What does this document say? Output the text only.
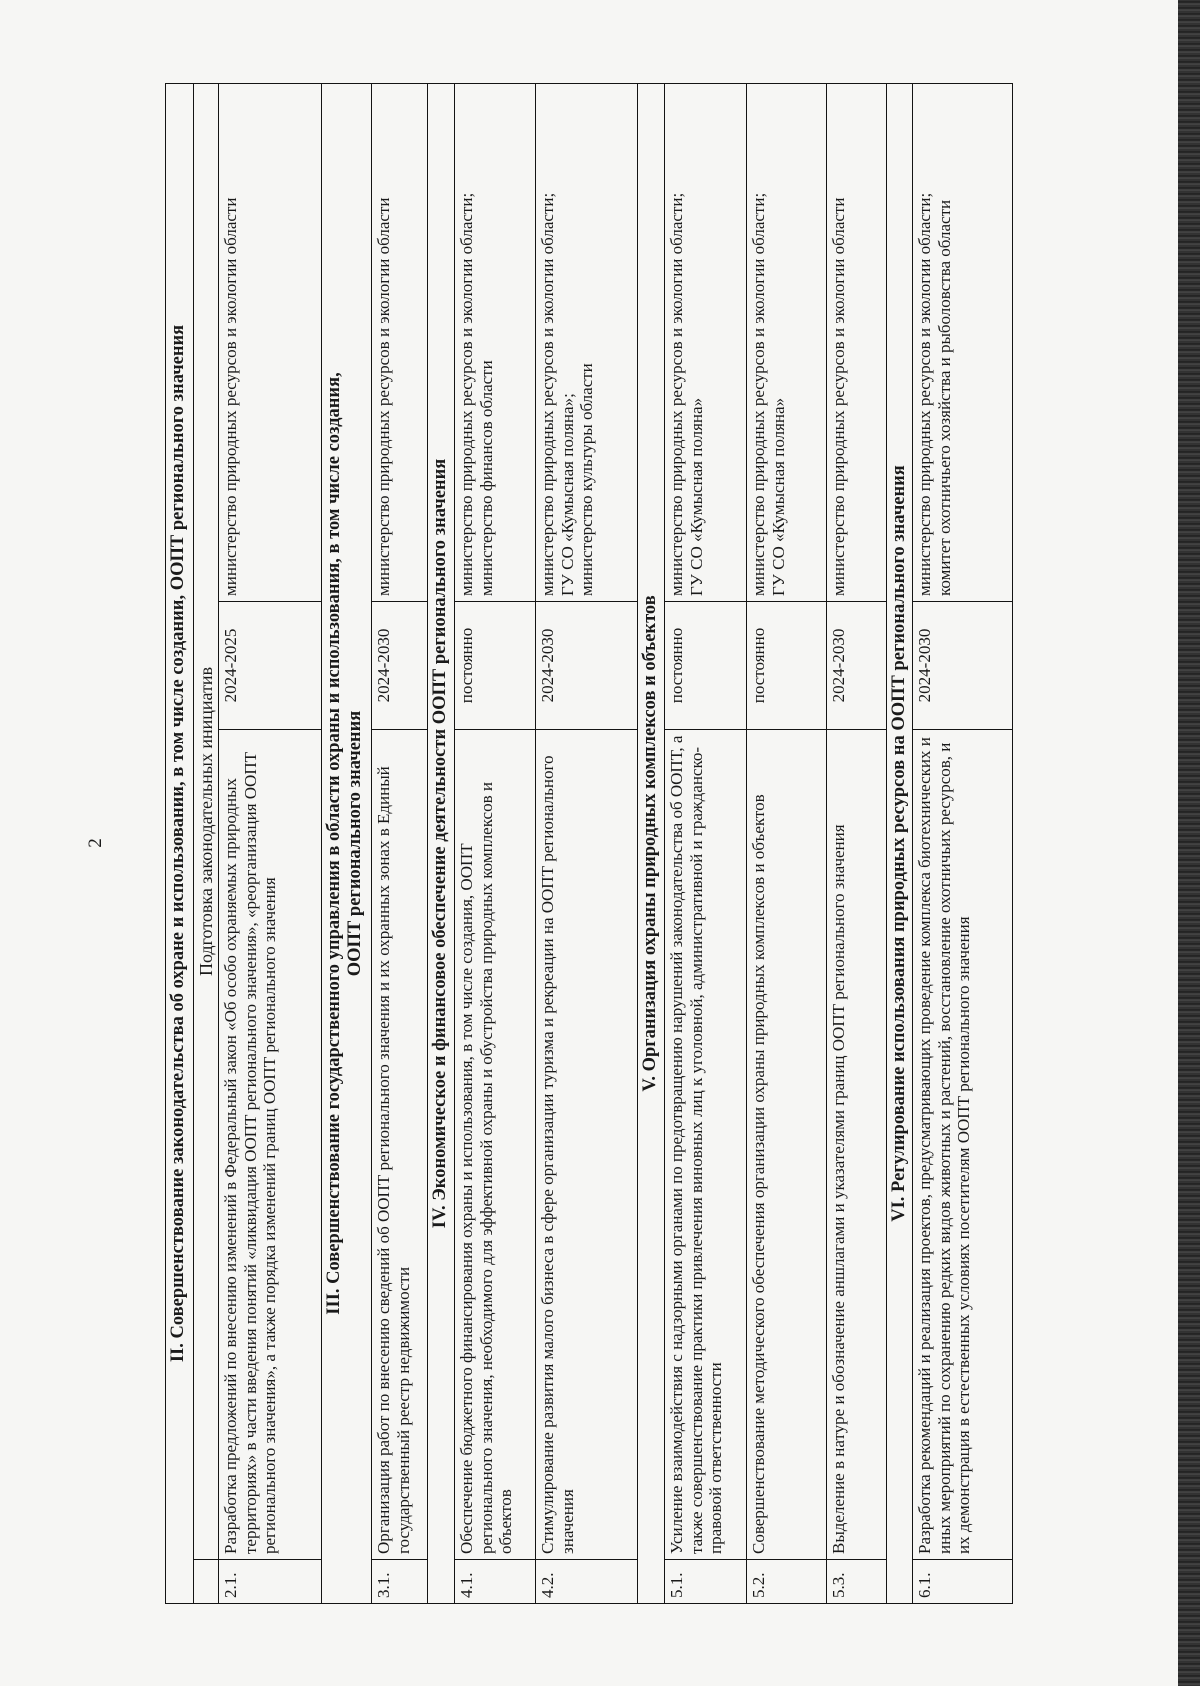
2	II. Совершенствование законодательства об охране и использовании, в том числе создании, ООПТ регионального значения			
	Подготовка законодательных инициатив		
2.1.	Разработка предложений по внесению изменений в Федеральный закон «Об особо охраняемых природных территориях» в части введения понятий «ликвидация ООПТ регионального значения», «реорганизация ООПТ регионального значения», а также порядка изменений границ ООПТ регионального значения	2024-2025	министерство природных ресурсов и экологии области

III. Совершенствование государственного управления в области охраны и использования, в том числе создания, ООПТ регионального значения			

3.1.	Организация работ по внесению сведений об ООПТ регионального значения и их охранных зонах в Единый государственный реестр недвижимости	2024-2030	министерство природных ресурсов и экологии области

IV. Экономическое и финансовое обеспечение деятельности ООПТ регионального значения			
4.1.	Обеспечение бюджетного финансирования охраны и использования, в том числе создания, ООПТ регионального значения, необходимого для эффективной охраны и обустройства природных комплексов и объектов	постоянно	министерство природных ресурсов и экологии области; министерство финансов области

4.2.	Стимулирование развития малого бизнеса в сфере организации туризма и рекреации на ООПТ регионального значения	2024-2030	министерство природных ресурсов и экологии области; ГУ СО «Кумысная поляна»; министерство культуры области

V. Организация охраны природных комплексов и объектов			
5.1.	Усиление взаимодействия с надзорными органами по предотвращению нарушений законодательства об ООПТ, а также совершенствование практики привлечения виновных лиц к уголовной, административной и гражданско-правовой ответственности	постоянно	министерство природных ресурсов и экологии области; ГУ СО «Кумысная поляна»

5.2.	Совершенствование методического обеспечения организации охраны природных комплексов и объектов	постоянно	министерство природных ресурсов и экологии области; ГУ СО «Кумысная поляна»

5.3.	Выделение в натуре и обозначение аншлагами и указателями границ ООПТ регионального значения	2024-2030	министерство природных ресурсов и экологии области

VI. Регулирование использования природных ресурсов на ООПТ регионального значения			
6.1.	Разработка рекомендаций и реализация проектов, предусматривающих проведение комплекса биотехнических и иных мероприятий по сохранению редких видов животных и растений, восстановление охотничьих ресурсов, и их демонстрация в естественных условиях посетителям ООПТ регионального значения	2024-2030	министерство природных ресурсов и экологии области; комитет охотничьего хозяйства и рыболовства области
